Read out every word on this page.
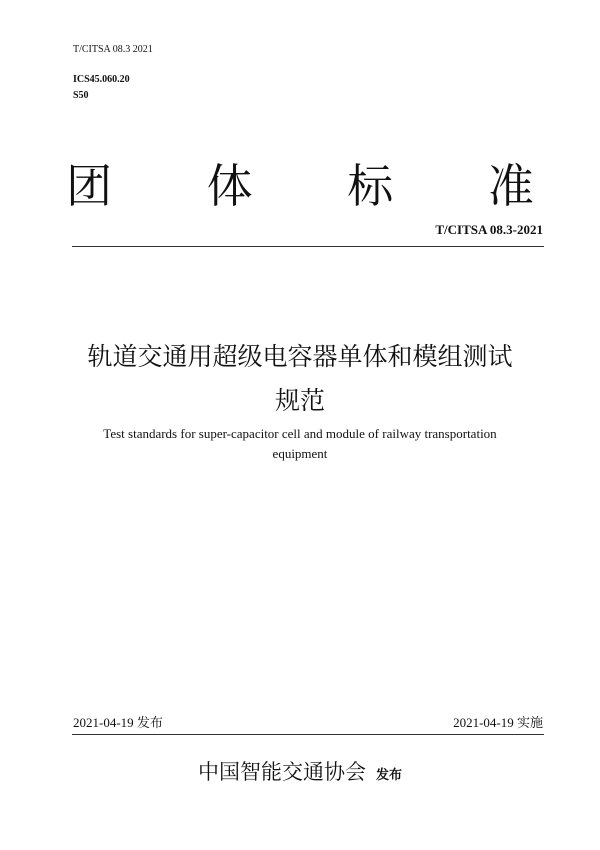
T/CITSA 08.3 2021
ICS45.060.20
S50
团 体 标 准
T/CITSA 08.3-2021
轨道交通用超级电容器单体和模组测试
规范
Test standards for super-capacitor cell and module of railway transportation
equipment
2021-04-19 发布	2021-04-19 实施
中国智能交通协会 发布
